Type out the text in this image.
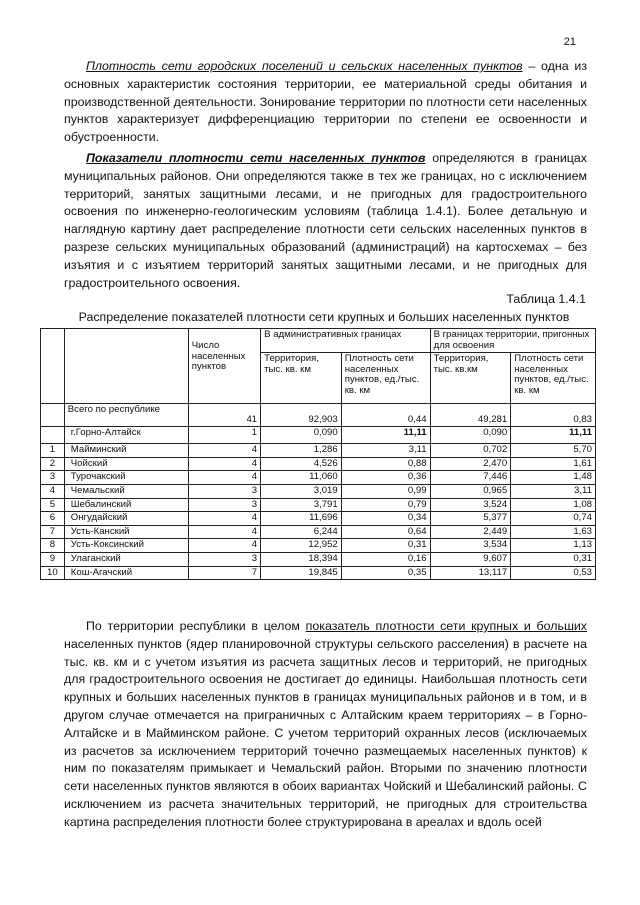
21
Плотность сети городских поселений и сельских населенных пунктов – одна из основных характеристик состояния территории, ее материальной среды обитания и производственной деятельности. Зонирование территории по плотности сети населенных пунктов характеризует дифференциацию территории по степени ее освоенности и обустроенности.
Показатели плотности сети населенных пунктов определяются в границах муниципальных районов. Они определяются также в тех же границах, но с исключением территорий, занятых защитными лесами, и не пригодных для градостроительного освоения по инженерно-геологическим условиям (таблица 1.4.1). Более детальную и наглядную картину дает распределение плотности сети сельских населенных пунктов в разрезе сельских муниципальных образований (администраций) на картосхемах – без изъятия и с изъятием территорий занятых защитными лесами, и не пригодных для градостроительного освоения.
Таблица 1.4.1
Распределение показателей плотности сети крупных и больших населенных пунктов
		Число населенных пунктов	В административных границах		В границах территории, пригонных для освоения	
			Территория, тыс. кв. км	Плотность сети населенных пунктов, ед./тыс. кв. км	Территория, тыс. кв.км	Плотность сети населенных пунктов, ед./тыс. кв. км
	Всего по республике	41	92,903	0,44	49,281	0,83
	г.Горно-Алтайск	1	0,090	11,11	0,090	11,11
1	Майминский	4	1,286	3,11	0,702	5,70
2	Чойский	4	4,526	0,88	2,470	1,61
3	Турочакский	4	11,060	0,36	7,446	1,48
4	Чемальский	3	3,019	0,99	0,965	3,11
5	Шебалинский	3	3,791	0,79	3,524	1,08
6	Онгудайский	4	11,696	0,34	5,377	0,74
7	Усть-Канский	4	6,244	0,64	2,449	1,63
8	Усть-Коксинский	4	12,952	0,31	3,534	1,13
9	Улаганский	3	18,394	0,16	9,607	0,31
10	Кош-Агачский	7	19,845	0,35	13,117	0,53
По территории республики в целом показатель плотности сети крупных и больших населенных пунктов (ядер планировочной структуры сельского расселения) в расчете на тыс. кв. км и с учетом изъятия из расчета защитных лесов и территорий, не пригодных для градостроительного освоения не достигает до единицы. Наибольшая плотность сети крупных и больших населенных пунктов в границах муниципальных районов и в том, и в другом случае отмечается на приграничных с Алтайским краем территориях – в Горно-Алтайске и в Майминском районе. С учетом территорий охранных лесов (исключаемых из расчетов за исключением территорий точечно размещаемых населенных пунктов) к ним по показателям примыкает и Чемальский район. Вторыми по значению плотности сети населенных пунктов являются в обоих вариантах Чойский и Шебалинский районы. С исключением из расчета значительных территорий, не пригодных для строительства картина распределения плотности более структурирована в ареалах и вдоль осей
